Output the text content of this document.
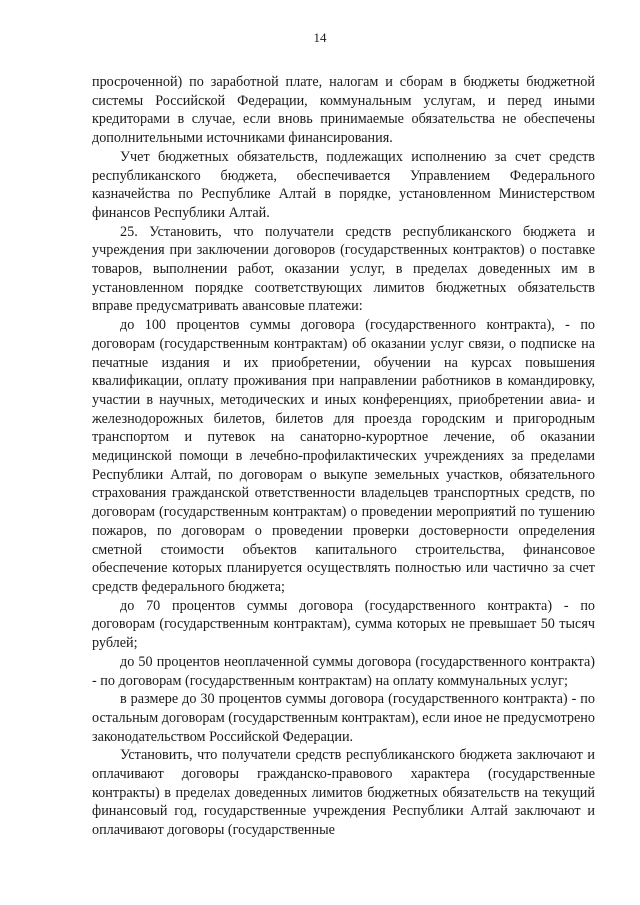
14

просроченной) по заработной плате, налогам и сборам в бюджеты бюджетной системы Российской Федерации, коммунальным услугам, и перед иными кредиторами в случае, если вновь принимаемые обязательства не обеспечены дополнительными источниками финансирования.

Учет бюджетных обязательств, подлежащих исполнению за счет средств республиканского бюджета, обеспечивается Управлением Федерального казначейства по Республике Алтай в порядке, установленном Министерством финансов Республики Алтай.

25. Установить, что получатели средств республиканского бюджета и учреждения при заключении договоров (государственных контрактов) о поставке товаров, выполнении работ, оказании услуг, в пределах доведенных им в установленном порядке соответствующих лимитов бюджетных обязательств вправе предусматривать авансовые платежи:

до 100 процентов суммы договора (государственного контракта), - по договорам (государственным контрактам) об оказании услуг связи, о подписке на печатные издания и их приобретении, обучении на курсах повышения квалификации, оплату проживания при направлении работников в командировку, участии в научных, методических и иных конференциях, приобретении авиа- и железнодорожных билетов, билетов для проезда городским и пригородным транспортом и путевок на санаторно-курортное лечение, об оказании медицинской помощи в лечебно-профилактических учреждениях за пределами Республики Алтай, по договорам о выкупе земельных участков, обязательного страхования гражданской ответственности владельцев транспортных средств, по договорам (государственным контрактам) о проведении мероприятий по тушению пожаров, по договорам о проведении проверки достоверности определения сметной стоимости объектов капитального строительства, финансовое обеспечение которых планируется осуществлять полностью или частично за счет средств федерального бюджета;

до 70 процентов суммы договора (государственного контракта) - по договорам (государственным контрактам), сумма которых не превышает 50 тысяч рублей;

до 50 процентов неоплаченной суммы договора (государственного контракта) - по договорам (государственным контрактам) на оплату коммунальных услуг;

в размере до 30 процентов суммы договора (государственного контракта) - по остальным договорам (государственным контрактам), если иное не предусмотрено законодательством Российской Федерации.

Установить, что получатели средств республиканского бюджета заключают и оплачивают договоры гражданско-правового характера (государственные контракты) в пределах доведенных лимитов бюджетных обязательств на текущий финансовый год, государственные учреждения Республики Алтай заключают и оплачивают договоры (государственные
